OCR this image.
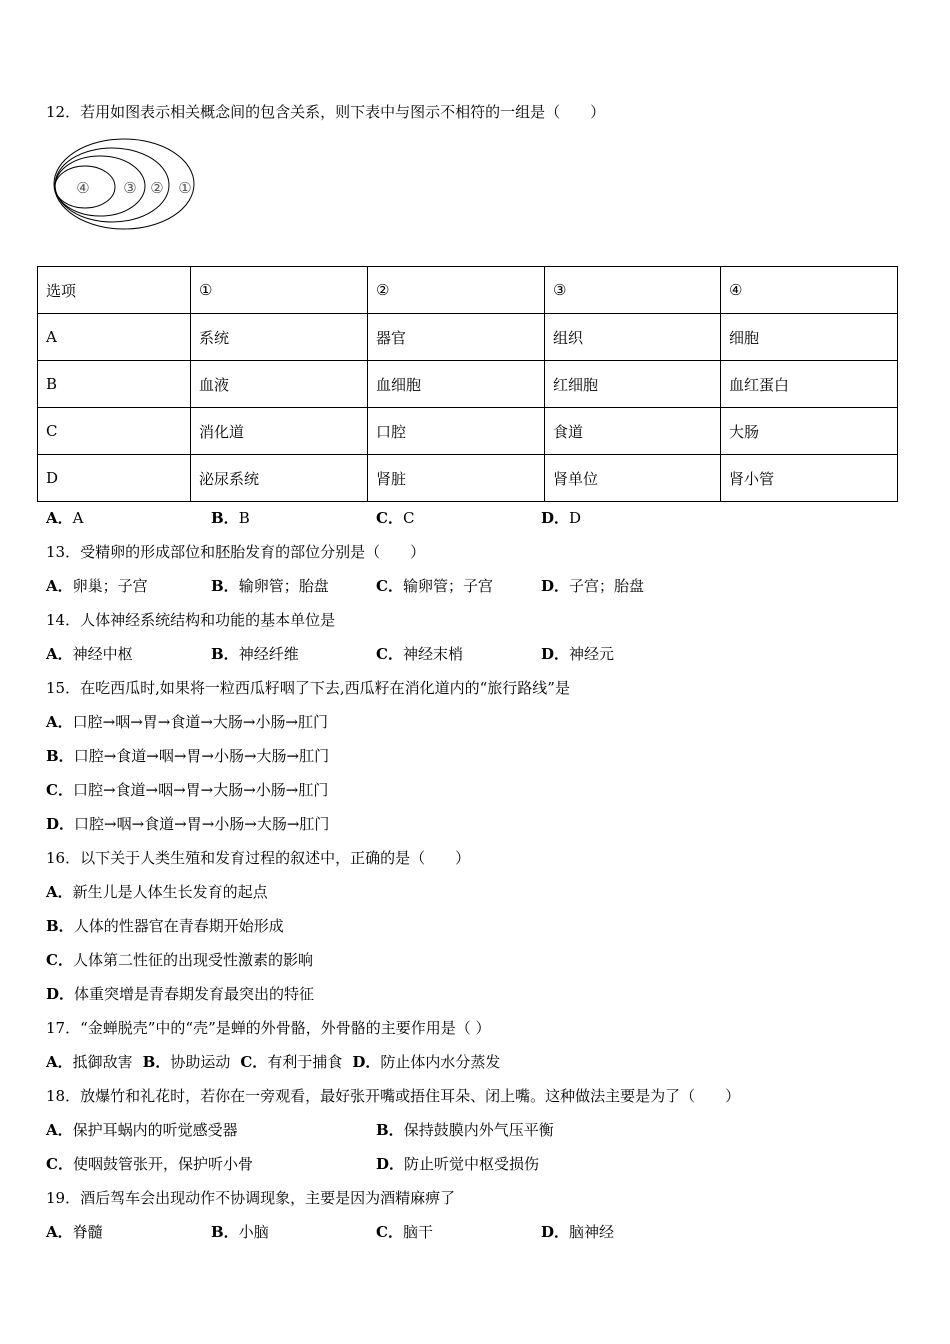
12．若用如图表示相关概念间的包含关系，则下表中与图示不相符的一组是（　　）
④ ③ ② ①
选项	①	②	③	④
A	系统	器官	组织	细胞
B	血液	血细胞	红细胞	血红蛋白
C	消化道	口腔	食道	大肠
D	泌尿系统	肾脏	肾单位	肾小管
A．A	B．B	C．C	D．D
13．受精卵的形成部位和胚胎发育的部位分别是（　　）
A．卵巢；子宫	B．输卵管；胎盘	C．输卵管；子宫	D．子宫；胎盘
14．人体神经系统结构和功能的基本单位是
A．神经中枢	B．神经纤维	C．神经末梢	D．神经元
15．在吃西瓜时,如果将一粒西瓜籽咽了下去,西瓜籽在消化道内的“旅行路线”是
A．口腔→咽→胃→食道→大肠→小肠→肛门
B．口腔→食道→咽→胃→小肠→大肠→肛门
C．口腔→食道→咽→胃→大肠→小肠→肛门
D．口腔→咽→食道→胃→小肠→大肠→肛门
16．以下关于人类生殖和发育过程的叙述中，正确的是（　　）
A．新生儿是人体生长发育的起点
B．人体的性器官在青春期开始形成
C．人体第二性征的出现受性激素的影响
D．体重突增是青春期发育最突出的特征
17．“金蝉脱壳”中的“壳”是蝉的外骨骼，外骨骼的主要作用是（ ）
A．抵御敌害 B．协助运动 C．有利于捕食 D．防止体内水分蒸发
18．放爆竹和礼花时，若你在一旁观看，最好张开嘴或捂住耳朵、闭上嘴。这种做法主要是为了（　　）
A．保护耳蜗内的听觉感受器	B．保持鼓膜内外气压平衡
C．使咽鼓管张开，保护听小骨	D．防止听觉中枢受损伤
19．酒后驾车会出现动作不协调现象，主要是因为酒精麻痹了
A．脊髓	B．小脑	C．脑干	D．脑神经
